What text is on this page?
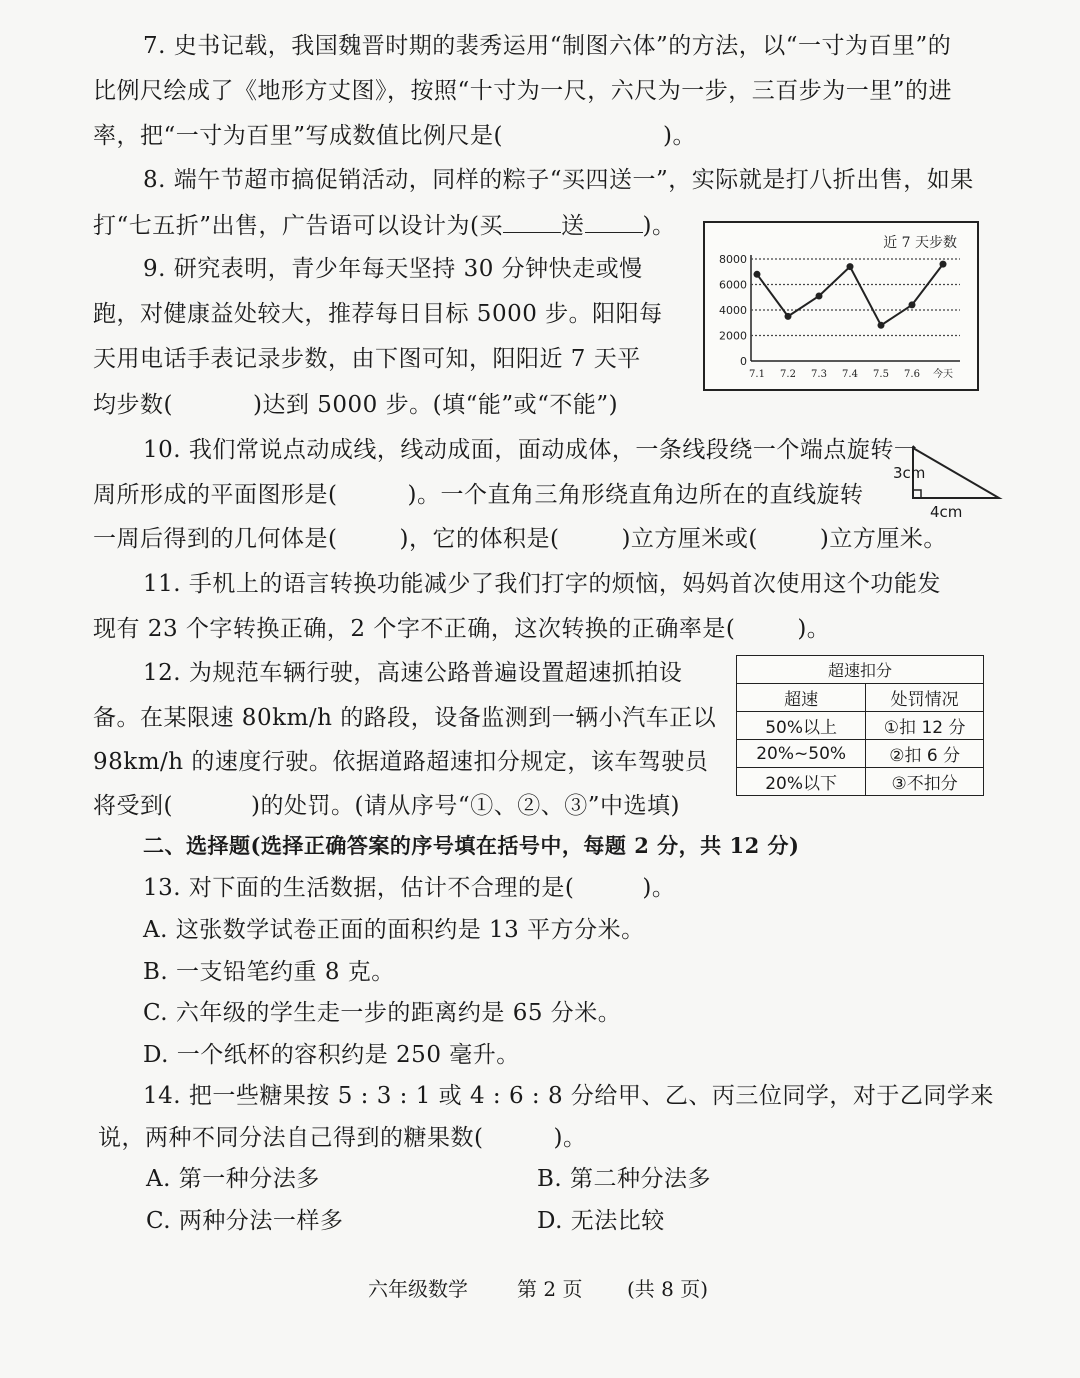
7. 史书记载，我国魏晋时期的裴秀运用“制图六体”的方法，以“一寸为百里”的
比例尺绘成了《地形方丈图》，按照“十寸为一尺，六尺为一步，三百步为一里”的进
率，把“一寸为百里”写成数值比例尺是(	)。
8. 端午节超市搞促销活动，同样的粽子“买四送一”，实际就是打八折出售，如果
打“七五折”出售，广告语可以设计为(买	送	)。
9. 研究表明，青少年每天坚持 30 分钟快走或慢
跑，对健康益处较大，推荐每日目标 5000 步。阳阳每
天用电话手表记录步数，由下图可知，阳阳近 7 天平
均步数(	)达到 5000 步。(填“能”或“不能”)
近 7 天步数
0
2000
4000
6000
8000
7.1 7.2 7.3 7.4 7.5 7.6 今天
10. 我们常说点动成线，线动成面，面动成体，一条线段绕一个端点旋转一
周所形成的平面图形是(	)。一个直角三角形绕直角边所在的直线旋转
一周后得到的几何体是(	)，它的体积是(	)立方厘米或(	)立方厘米。
3cm
4cm
11. 手机上的语言转换功能减少了我们打字的烦恼，妈妈首次使用这个功能发
现有 23 个字转换正确，2 个字不正确，这次转换的正确率是(	)。
12. 为规范车辆行驶，高速公路普遍设置超速抓拍设
备。在某限速 80km/h 的路段，设备监测到一辆小汽车正以
98km/h 的速度行驶。依据道路超速扣分规定，该车驾驶员
将受到(	)的处罚。(请从序号“①、②、③”中选填)
超速扣分	
超速	处罚情况
50%以上	①扣 12 分
20%~50%	②扣 6 分
20%以下	③不扣分
二、选择题(选择正确答案的序号填在括号中，每题 2 分，共 12 分)
13. 对下面的生活数据，估计不合理的是(	)。
A. 这张数学试卷正面的面积约是 13 平方分米。
B. 一支铅笔约重 8 克。
C. 六年级的学生走一步的距离约是 65 分米。
D. 一个纸杯的容积约是 250 毫升。
14. 把一些糖果按 5 : 3 : 1 或 4 : 6 : 8 分给甲、乙、丙三位同学，对于乙同学来
说，两种不同分法自己得到的糖果数(	)。
A. 第一种分法多	B. 第二种分法多
C. 两种分法一样多	D. 无法比较
六年级数学 第 2 页 (共 8 页)
